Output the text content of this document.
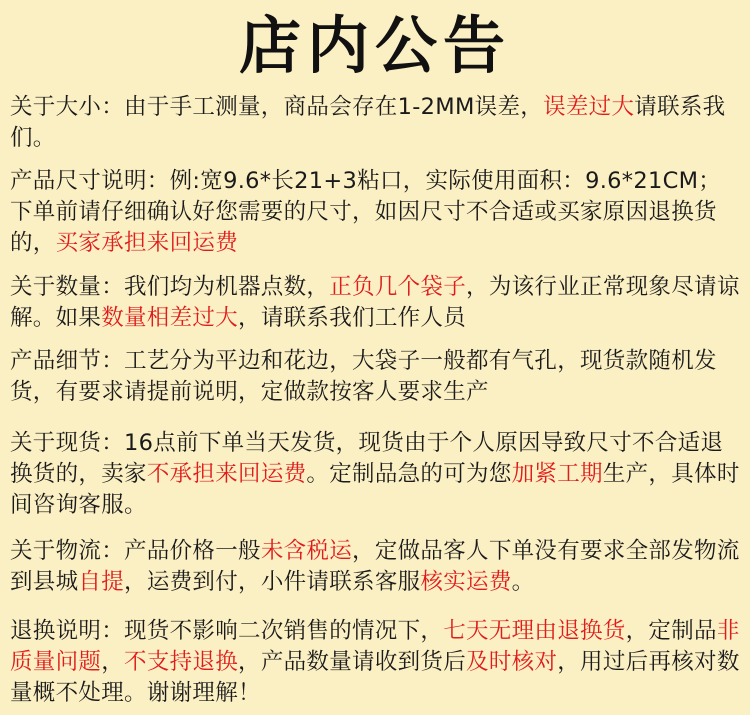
店内公告
关于大小：由于手工测量，商品会存在1-2MM误差，误差过大请联系我们。
产品尺寸说明：例:宽9.6*长21+3粘口，实际使用面积：9.6*21CM；下单前请仔细确认好您需要的尺寸，如因尺寸不合适或买家原因退换货的，买家承担来回运费
关于数量：我们均为机器点数，正负几个袋子，为该行业正常现象尽请谅解。如果数量相差过大，请联系我们工作人员
产品细节：工艺分为平边和花边，大袋子一般都有气孔，现货款随机发货，有要求请提前说明，定做款按客人要求生产
关于现货：16点前下单当天发货，现货由于个人原因导致尺寸不合适退换货的，卖家不承担来回运费。定制品急的可为您加紧工期生产，具体时间咨询客服。
关于物流：产品价格一般未含税运，定做品客人下单没有要求全部发物流到县城自提，运费到付，小件请联系客服核实运费。
退换说明：现货不影响二次销售的情况下，七天无理由退换货，定制品非质量问题，不支持退换，产品数量请收到货后及时核对，用过后再核对数量概不处理。谢谢理解！
